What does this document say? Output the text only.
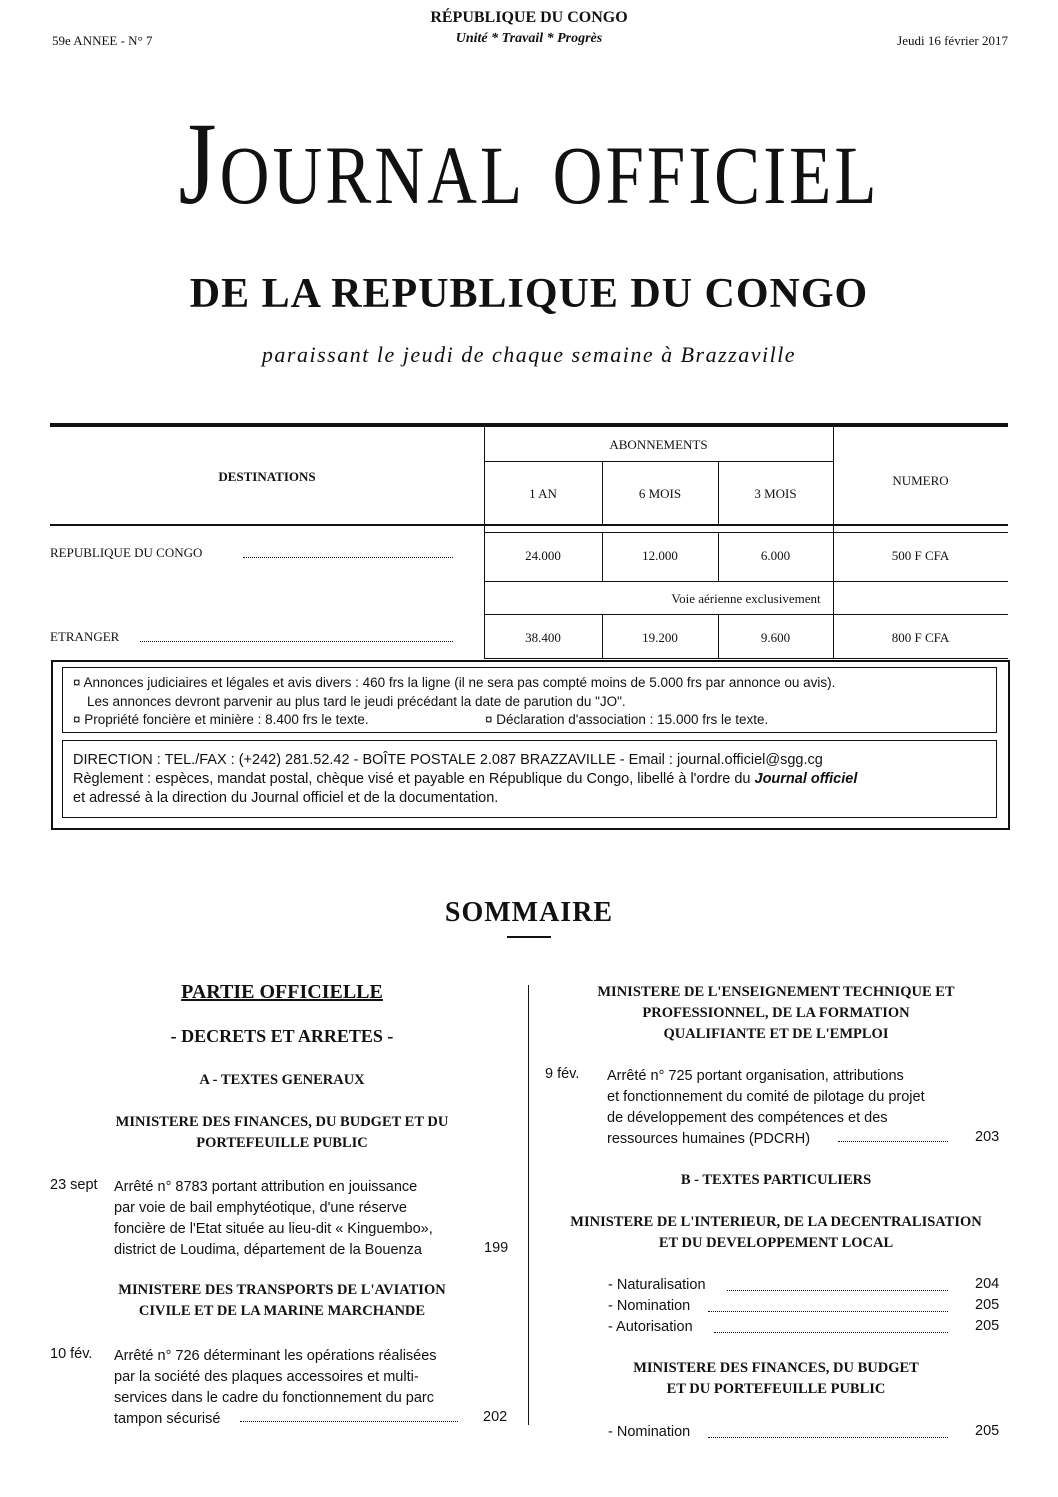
RÉPUBLIQUE DU CONGO
Unité * Travail * Progrès
59e ANNEE - N° 7	Jeudi 16 février 2017
Journal officiel
DE LA REPUBLIQUE DU CONGO
paraissant le jeudi de chaque semaine à Brazzaville
DESTINATIONS
ABONNEMENTS
NUMERO
1 AN	6 MOIS	3 MOIS
REPUBLIQUE DU CONGO	24.000	12.000	6.000	500 F CFA
Voie aérienne exclusivement
ETRANGER	38.400	19.200	9.600	800 F CFA
¤ Annonces judiciaires et légales et avis divers : 460 frs la ligne (il ne sera pas compté moins de 5.000 frs par annonce ou avis).
Les annonces devront parvenir au plus tard le jeudi précédant la date de parution du "JO".
¤ Propriété foncière et minière : 8.400 frs le texte.	¤ Déclaration d'association : 15.000 frs le texte.
DIRECTION : TEL./FAX : (+242) 281.52.42 - BOÎTE POSTALE 2.087 BRAZZAVILLE - Email : journal.officiel@sgg.cg
Règlement : espèces, mandat postal, chèque visé et payable en République du Congo, libellé à l'ordre du Journal officiel
et adressé à la direction du Journal officiel et de la documentation.
SOMMAIRE
PARTIE OFFICIELLE
- DECRETS ET ARRETES -
A - TEXTES GENERAUX
MINISTERE DES FINANCES, DU BUDGET ET DU
PORTEFEUILLE PUBLIC
23 sept Arrêté n° 8783 portant attribution en jouissance
par voie de bail emphytéotique, d'une réserve
foncière de l'Etat située au lieu-dit « Kinguembo»,
district de Loudima, département de la Bouenza	199
MINISTERE DES TRANSPORTS DE L'AVIATION
CIVILE ET DE LA MARINE MARCHANDE
10 fév. Arrêté n° 726 déterminant les opérations réalisées
par la société des plaques accessoires et multi-
services dans le cadre du fonctionnement du parc
tampon sécurisé	202
MINISTERE DE L'ENSEIGNEMENT TECHNIQUE ET
PROFESSIONNEL, DE LA FORMATION
QUALIFIANTE ET DE L'EMPLOI
9 fév. Arrêté n° 725 portant organisation, attributions
et fonctionnement du comité de pilotage du projet
de développement des compétences et des
ressources humaines (PDCRH)	203
B - TEXTES PARTICULIERS
MINISTERE DE L'INTERIEUR, DE LA DECENTRALISATION
ET DU DEVELOPPEMENT LOCAL
- Naturalisation	204
- Nomination	205
- Autorisation	205
MINISTERE DES FINANCES, DU BUDGET
ET DU PORTEFEUILLE PUBLIC
- Nomination	205
